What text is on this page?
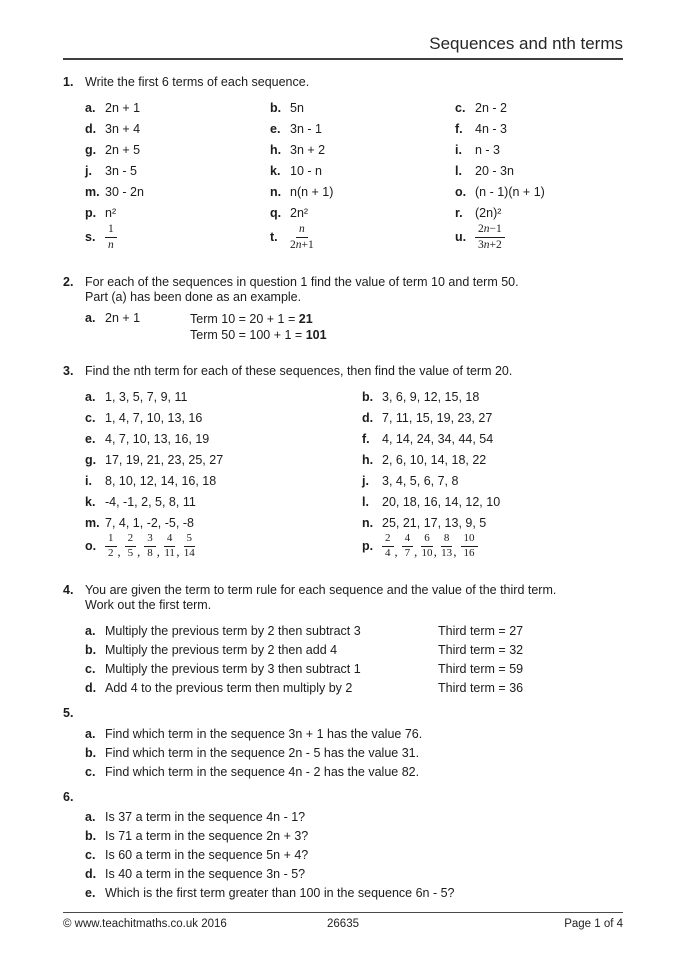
Sequences and nth terms
1. Write the first 6 terms of each sequence.
a. 2n + 1	b. 5n	c. 2n - 2
d. 3n + 4	e. 3n - 1	f. 4n - 3
g. 2n + 5	h. 3n + 2	i.	n - 3
j.	3n - 5	k. 10 - n	l.	20 - 3n
m. 30 - 2n	n. n(n + 1)	o. (n - 1)(n + 1)
p. n²	q. 2n²	r. (2n)²
s. $\frac{1}{n}$	t.	$\frac{n}{2n+1}$	u. $\frac{2n-1}{3n+2}$
2. For each of the sequences in question 1 find the value of term 10 and term 50.
Part (a) has been done as an example.
a. 2n + 1	Term 10 = 20 + 1 = 21
Term 50 = 100 + 1 = 101
3. Find the nth term for each of these sequences, then find the value of term 20.
a. 1, 3, 5, 7, 9, 11	b. 3, 6, 9, 12, 15, 18
c. 1, 4, 7, 10, 13, 16	d. 7, 11, 15, 19, 23, 27
e. 4, 7, 10, 13, 16, 19	f. 4, 14, 24, 34, 44, 54
g. 17, 19, 21, 23, 25, 27	h. 2, 6, 10, 14, 18, 22
i.	8, 10, 12, 14, 16, 18	j.	3, 4, 5, 6, 7, 8
k. -4, -1, 2, 5, 8, 11	l.	20, 18, 16, 14, 12, 10
m. 7, 4, 1, -2, -5, -8	n. 25, 21, 17, 13, 9, 5
o. $\frac{1}{2}$ , $\frac{2}{5}$ , $\frac{3}{8}$ , $\frac{4}{11}$ , $\frac{5}{14}$	p. $\frac{2}{4}$ , $\frac{4}{7}$ , $\frac{6}{10}$ , $\frac{8}{13}$ , $\frac{10}{16}$
4. You are given the term to term rule for each sequence and the value of the third term.
Work out the first term.
a. Multiply the previous term by 2 then subtract 3	Third term = 27
b. Multiply the previous term by 2 then add 4	Third term = 32
c. Multiply the previous term by 3 then subtract 1	Third term = 59
d. Add 4 to the previous term then multiply by 2	Third term = 36
5.
a. Find which term in the sequence 3n + 1 has the value 76.
b. Find which term in the sequence 2n - 5 has the value 31.
c. Find which term in the sequence 4n - 2 has the value 82.
6.
a. Is 37 a term in the sequence 4n - 1?
b. Is 71 a term in the sequence 2n + 3?
c. Is 60 a term in the sequence 5n + 4?
d. Is 40 a term in the sequence 3n - 5?
e. Which is the first term greater than 100 in the sequence 6n - 5?
© www.teachitmaths.co.uk 2016	26635	Page 1 of 4
